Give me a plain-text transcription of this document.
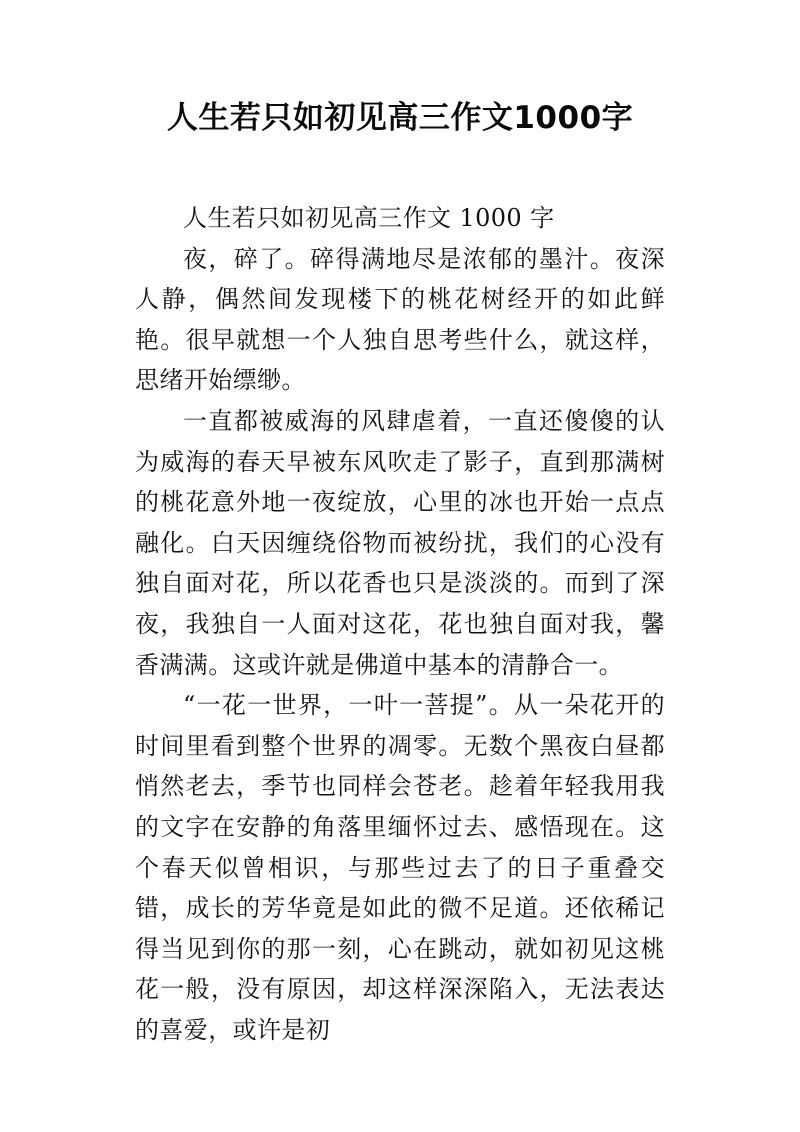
人生若只如初见高三作文1000字

人生若只如初见高三作文 1000 字

夜，碎了。碎得满地尽是浓郁的墨汁。夜深人静，偶然间发现楼下的桃花树经开的如此鲜艳。很早就想一个人独自思考些什么，就这样，思绪开始缥缈。

一直都被威海的风肆虐着，一直还傻傻的认为威海的春天早被东风吹走了影子，直到那满树的桃花意外地一夜绽放，心里的冰也开始一点点融化。白天因缠绕俗物而被纷扰，我们的心没有独自面对花，所以花香也只是淡淡的。而到了深夜，我独自一人面对这花，花也独自面对我，馨香满满。这或许就是佛道中基本的清静合一。

“一花一世界，一叶一菩提”。从一朵花开的时间里看到整个世界的凋零。无数个黑夜白昼都悄然老去，季节也同样会苍老。趁着年轻我用我的文字在安静的角落里缅怀过去、感悟现在。这个春天似曾相识，与那些过去了的日子重叠交错，成长的芳华竟是如此的微不足道。还依稀记得当见到你的那一刻，心在跳动，就如初见这桃花一般，没有原因，却这样深深陷入，无法表达的喜爱，或许是初
